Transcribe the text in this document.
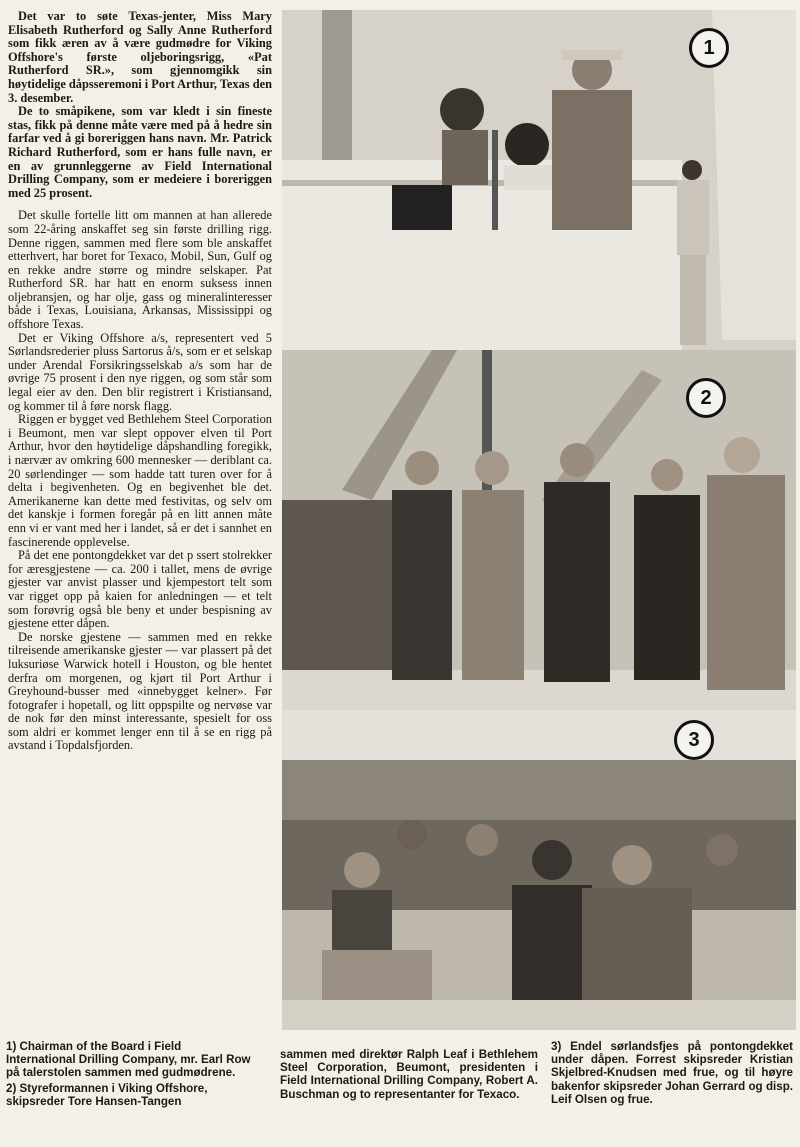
Det var to søte Texas-jenter, Miss Mary Elisabeth Rutherford og Sally Anne Rutherford som fikk æren av å være gudmødre for Viking Offshore's første oljeboringsrigg, «Pat Rutherford SR.», som gjennomgikk sin høytidelige dåpsseremoni i Port Arthur, Texas den 3. desember.

De to småpikene, som var kledt i sin fineste stas, fikk på denne måte være med på å hedre sin farfar ved å gi boreriggen hans navn. Mr. Patrick Richard Rutherford, som er hans fulle navn, er en av grunnleggerne av Field International Drilling Company, som er medeiere i boreriggen med 25 prosent.

Det skulle fortelle litt om mannen at han allerede som 22-åring anskaffet seg sin første drilling rigg. Denne riggen, sammen med flere som ble anskaffet etterhvert, har boret for Texaco, Mobil, Sun, Gulf og en rekke andre større og mindre selskaper. Pat Rutherford SR. har hatt en enorm suksess innen oljebransjen, og har olje, gass og mineralinteresser både i Texas, Louisiana, Arkansas, Mississippi og offshore Texas.

Det er Viking Offshore a/s, representert ved 5 Sørlandsrederier pluss Sartorus å/s, som er et selskap under Arendal Forsikringsselskab a/s som har de øvrige 75 prosent i den nye riggen, og som står som legal eier av den. Den blir registrert i Kristiansand, og kommer til å føre norsk flagg.

Riggen er bygget ved Bethlehem Steel Corporation i Beumont, men var slept oppover elven til Port Arthur, hvor den høytidelige dåpshandling foregikk, i nærvær av omkring 600 mennesker — deriblant ca. 20 sørlendinger — som hadde tatt turen over for å delta i begivenheten. Og en begivenhet ble det. Amerikanerne kan dette med festivitas, og selv om det kanskje i formen foregår på en litt annen måte enn vi er vant med her i landet, så er det i sannhet en fascinerende opplevelse.

På det ene pontongdekket var det p ssert stolrekker for æresgjestene — ca. 200 i tallet, mens de øvrige gjester var anvist plasser und kjempestort telt som var rigget opp på kaien for anledningen — et telt som forøvrig også ble beny et under bespisning av gjestene etter dåpen.

De norske gjestene — sammen med en rekke tilreisende amerikanske gjester — var plassert på det luksuriøse Warwick hotell i Houston, og ble hentet derfra om morgenen, og kjørt til Port Arthur i Greyhound-busser med «innebygget kelner». Før fotografer i hopetall, og litt oppspilte og nervøse var de nok før den minst interessante, spesielt for oss som aldri er kommet lenger enn til å se en rigg på avstand i Topdalsfjorden.

1
2
3

1) Chairman of the Board i Field International Drilling Company, mr. Earl Row på talerstolen sammen med gudmødrene.

2) Styreformannen i Viking Offshore, skipsreder Tore Hansen-Tangen

sammen med direktør Ralph Leaf i Bethlehem Steel Corporation, Beumont, presidenten i Field International Drilling Company, Robert A. Buschman og to representanter for Texaco.

3) Endel sørlandsfjes på pontongdekket under dåpen. Forrest skipsreder Kristian Skjelbred-Knudsen med frue, og til høyre bakenfor skipsreder Johan Gerrard og disp. Leif Olsen og frue.
